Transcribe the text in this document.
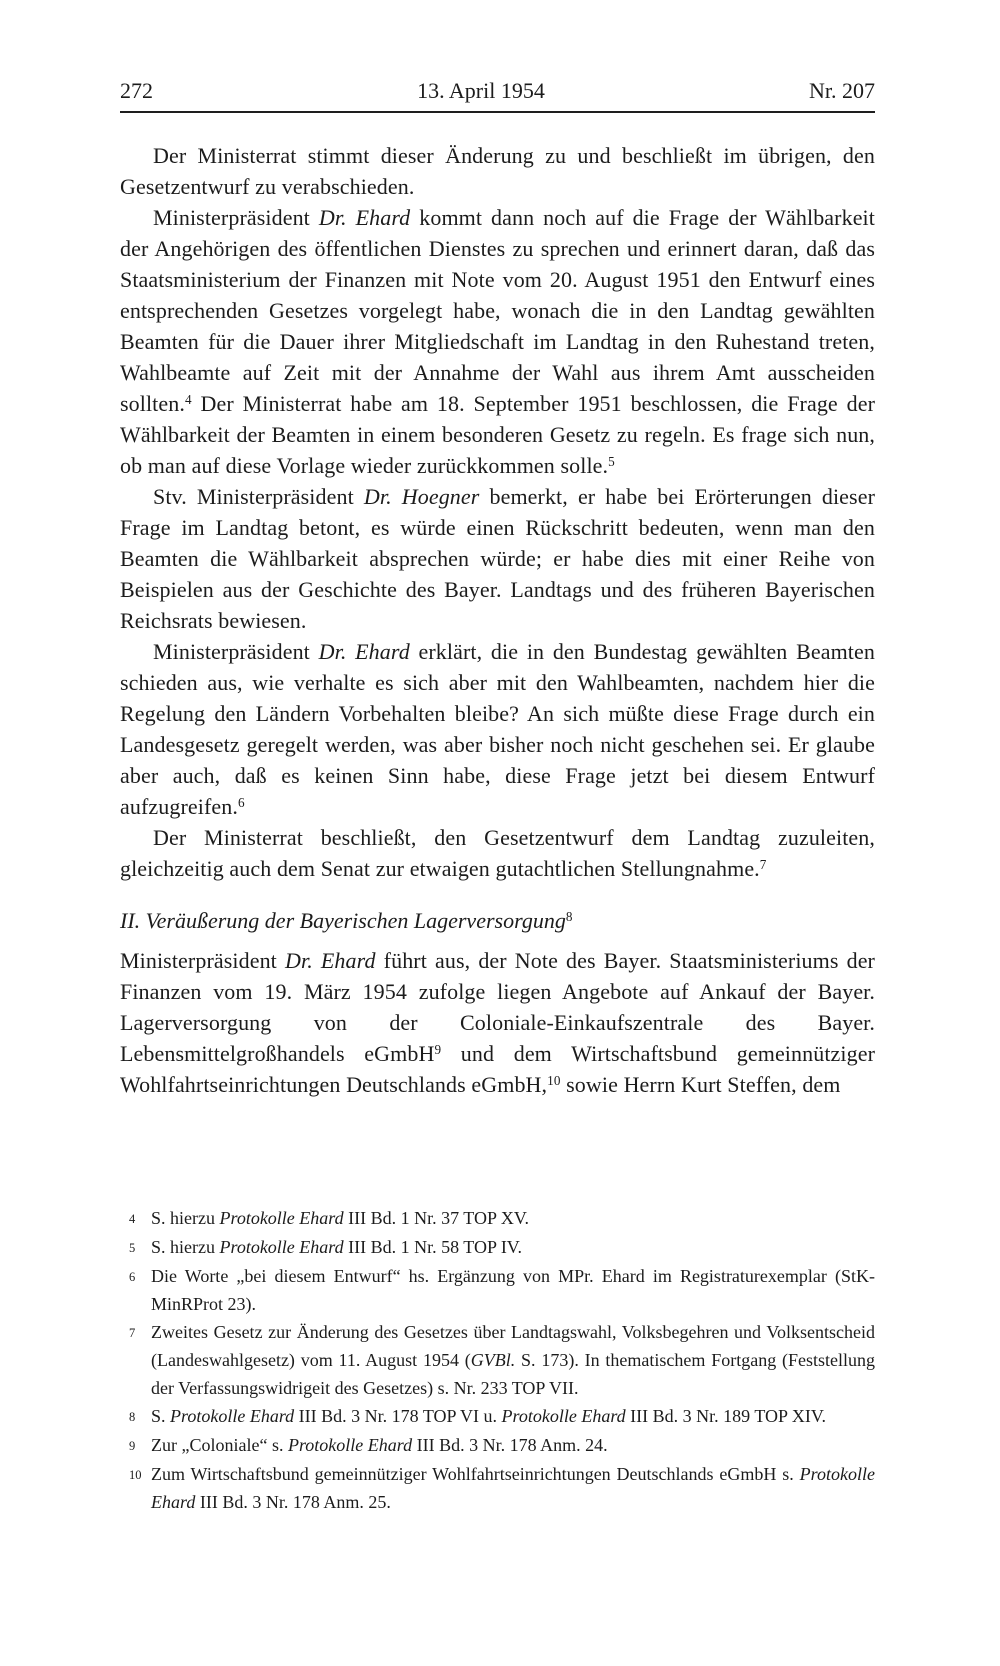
272	13. April 1954	Nr. 207

Der Ministerrat stimmt dieser Änderung zu und beschließt im übrigen, den Gesetzentwurf zu verabschieden.

Ministerpräsident Dr. Ehard kommt dann noch auf die Frage der Wählbarkeit der Angehörigen des öffentlichen Dienstes zu sprechen und erinnert daran, daß das Staatsministerium der Finanzen mit Note vom 20. August 1951 den Entwurf eines entsprechenden Gesetzes vorgelegt habe, wonach die in den Landtag gewählten Beamten für die Dauer ihrer Mitgliedschaft im Landtag in den Ruhestand treten, Wahlbeamte auf Zeit mit der Annahme der Wahl aus ihrem Amt ausscheiden sollten.$^4$ Der Ministerrat habe am 18. September 1951 beschlossen, die Frage der Wählbarkeit der Beamten in einem besonderen Gesetz zu regeln. Es frage sich nun, ob man auf diese Vorlage wieder zurückkommen solle.$^5$

Stv. Ministerpräsident Dr. Hoegner bemerkt, er habe bei Erörterungen dieser Frage im Landtag betont, es würde einen Rückschritt bedeuten, wenn man den Beamten die Wählbarkeit absprechen würde; er habe dies mit einer Reihe von Beispielen aus der Geschichte des Bayer. Landtags und des früheren Bayerischen Reichsrats bewiesen.

Ministerpräsident Dr. Ehard erklärt, die in den Bundestag gewählten Beamten schieden aus, wie verhalte es sich aber mit den Wahlbeamten, nachdem hier die Regelung den Ländern Vorbehalten bleibe? An sich müßte diese Frage durch ein Landesgesetz geregelt werden, was aber bisher noch nicht geschehen sei. Er glaube aber auch, daß es keinen Sinn habe, diese Frage jetzt bei diesem Entwurf aufzugreifen.$^6$

Der Ministerrat beschließt, den Gesetzentwurf dem Landtag zuzuleiten, gleichzeitig auch dem Senat zur etwaigen gutachtlichen Stellungnahme.$^7$

II. Veräußerung der Bayerischen Lagerversorgung$^8$

Ministerpräsident Dr. Ehard führt aus, der Note des Bayer. Staatsministeriums der Finanzen vom 19. März 1954 zufolge liegen Angebote auf Ankauf der Bayer. Lagerversorgung von der Coloniale-Einkaufszentrale des Bayer. Lebensmittelgroßhandels eGmbH$^9$ und dem Wirtschaftsbund gemeinnütziger Wohlfahrtseinrichtungen Deutschlands eGmbH,$^{10}$ sowie Herrn Kurt Steffen, dem

4 S. hierzu Protokolle Ehard III Bd. 1 Nr. 37 TOP XV.
5 S. hierzu Protokolle Ehard III Bd. 1 Nr. 58 TOP IV.
6 Die Worte „bei diesem Entwurf“ hs. Ergänzung von MPr. Ehard im Registraturexemplar (StK-MinRProt 23).
7 Zweites Gesetz zur Änderung des Gesetzes über Landtagswahl, Volksbegehren und Volksentscheid (Landeswahlgesetz) vom 11. August 1954 (GVBl. S. 173). In thematischem Fortgang (Feststellung der Verfassungswidrigeit des Gesetzes) s. Nr. 233 TOP VII.
8 S. Protokolle Ehard III Bd. 3 Nr. 178 TOP VI u. Protokolle Ehard III Bd. 3 Nr. 189 TOP XIV.
9 Zur „Coloniale“ s. Protokolle Ehard III Bd. 3 Nr. 178 Anm. 24.
10 Zum Wirtschaftsbund gemeinnütziger Wohlfahrtseinrichtungen Deutschlands eGmbH s. Protokolle Ehard III Bd. 3 Nr. 178 Anm. 25.
